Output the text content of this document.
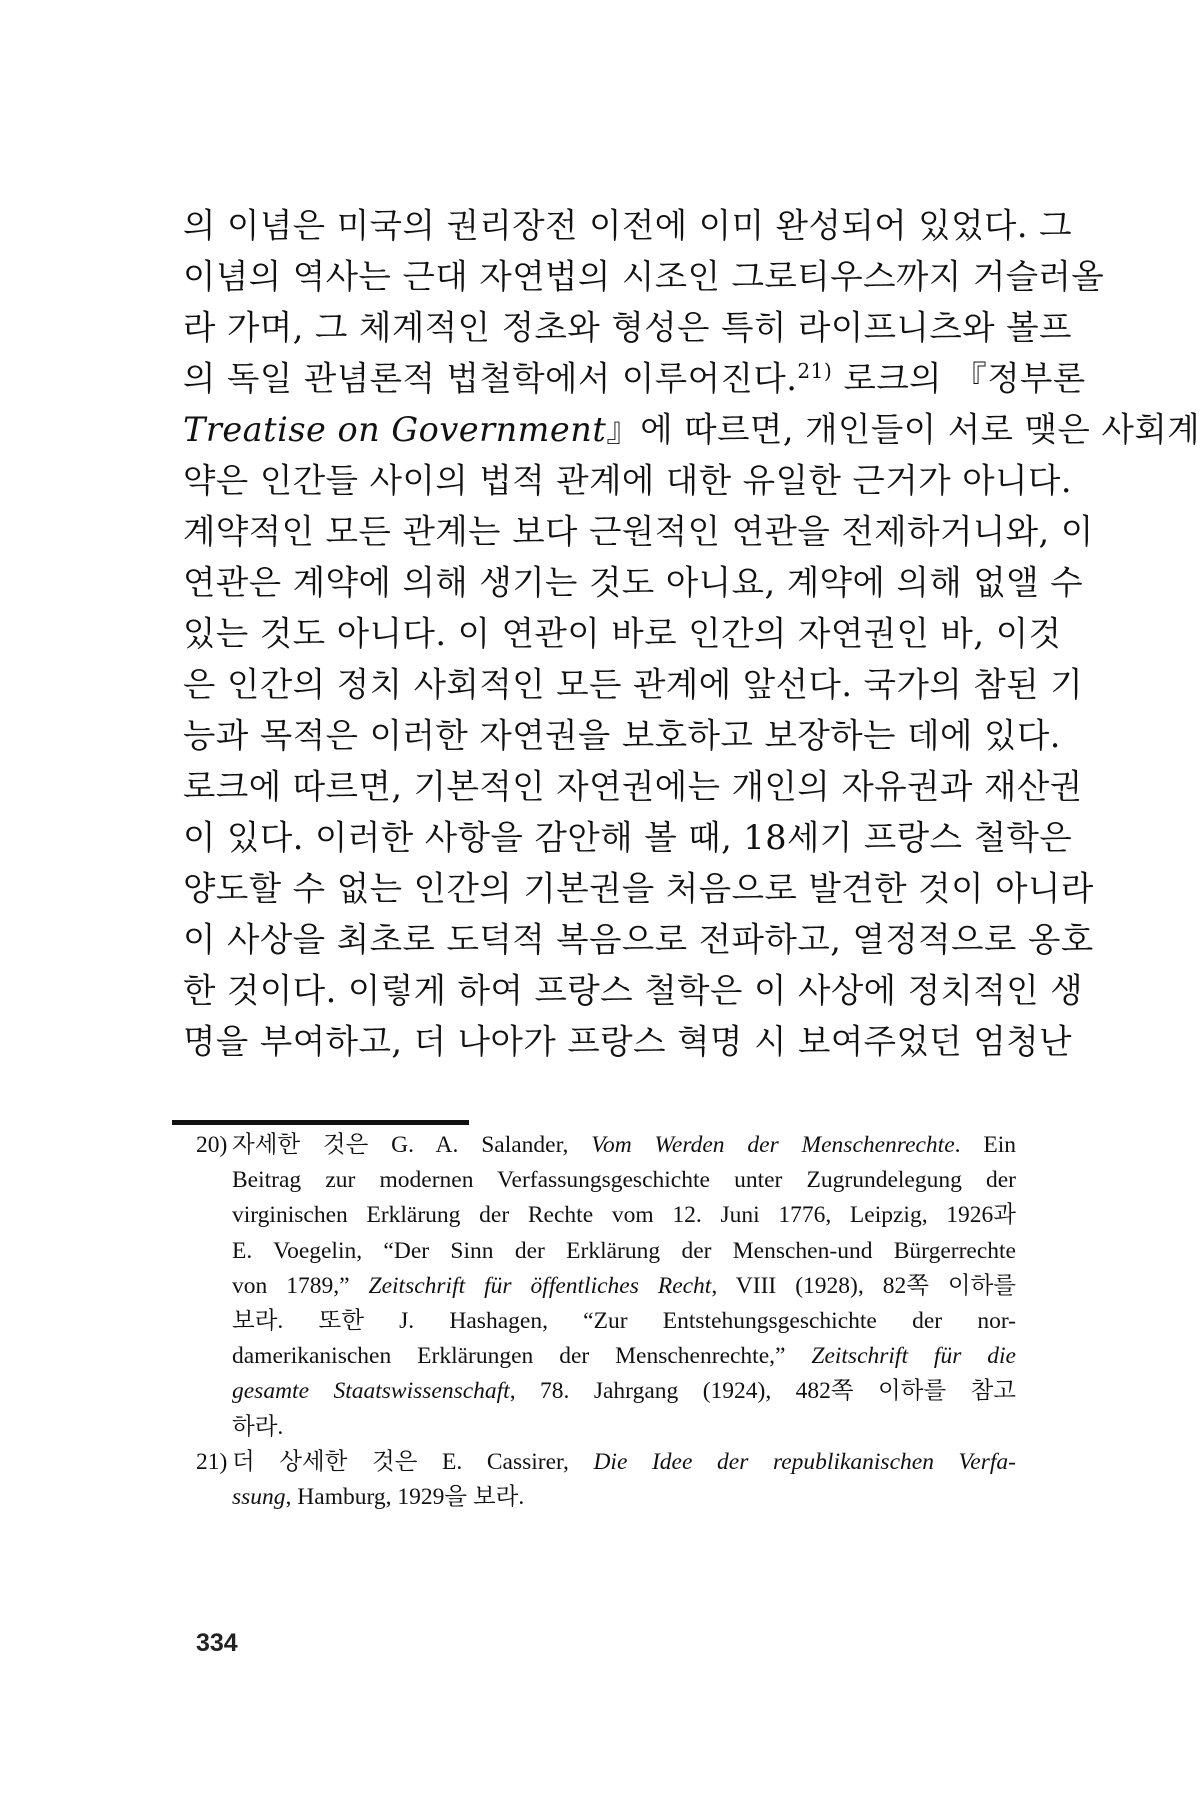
의 이념은 미국의 권리장전 이전에 이미 완성되어 있었다. 그
이념의 역사는 근대 자연법의 시조인 그로티우스까지 거슬러올
라 가며, 그 체계적인 정초와 형성은 특히 라이프니츠와 볼프
의 독일 관념론적 법철학에서 이루어진다.$^{21)}$ 로크의 『정부론
Treatise on Government』에 따르면, 개인들이 서로 맺은 사회계
약은 인간들 사이의 법적 관계에 대한 유일한 근거가 아니다.
계약적인 모든 관계는 보다 근원적인 연관을 전제하거니와, 이
연관은 계약에 의해 생기는 것도 아니요, 계약에 의해 없앨 수
있는 것도 아니다. 이 연관이 바로 인간의 자연권인 바, 이것
은 인간의 정치 사회적인 모든 관계에 앞선다. 국가의 참된 기
능과 목적은 이러한 자연권을 보호하고 보장하는 데에 있다.
로크에 따르면, 기본적인 자연권에는 개인의 자유권과 재산권
이 있다. 이러한 사항을 감안해 볼 때, 18세기 프랑스 철학은
양도할 수 없는 인간의 기본권을 처음으로 발견한 것이 아니라
이 사상을 최초로 도덕적 복음으로 전파하고, 열정적으로 옹호
한 것이다. 이렇게 하여 프랑스 철학은 이 사상에 정치적인 생
명을 부여하고, 더 나아가 프랑스 혁명 시 보여주었던 엄청난
20) 자세한 것은 G. A. Salander, Vom Werden der Menschenrechte. Ein
Beitrag zur modernen Verfassungsgeschichte unter Zugrundelegung der
virginischen Erklärung der Rechte vom 12. Juni 1776, Leipzig, 1926과
E. Voegelin, “Der Sinn der Erklärung der Menschen-und Bürgerrechte
von 1789,” Zeitschrift für öffentliches Recht, VIII (1928), 82쪽 이하를
보라. 또한 J. Hashagen, “Zur Entstehungsgeschichte der nor-
damerikanischen Erklärungen der Menschenrechte,” Zeitschrift für die
gesamte Staatswissenschaft, 78. Jahrgang (1924), 482쪽 이하를 참고
하라.
21) 더 상세한 것은 E. Cassirer, Die Idee der republikanischen Verfa-
ssung, Hamburg, 1929을 보라.
334
